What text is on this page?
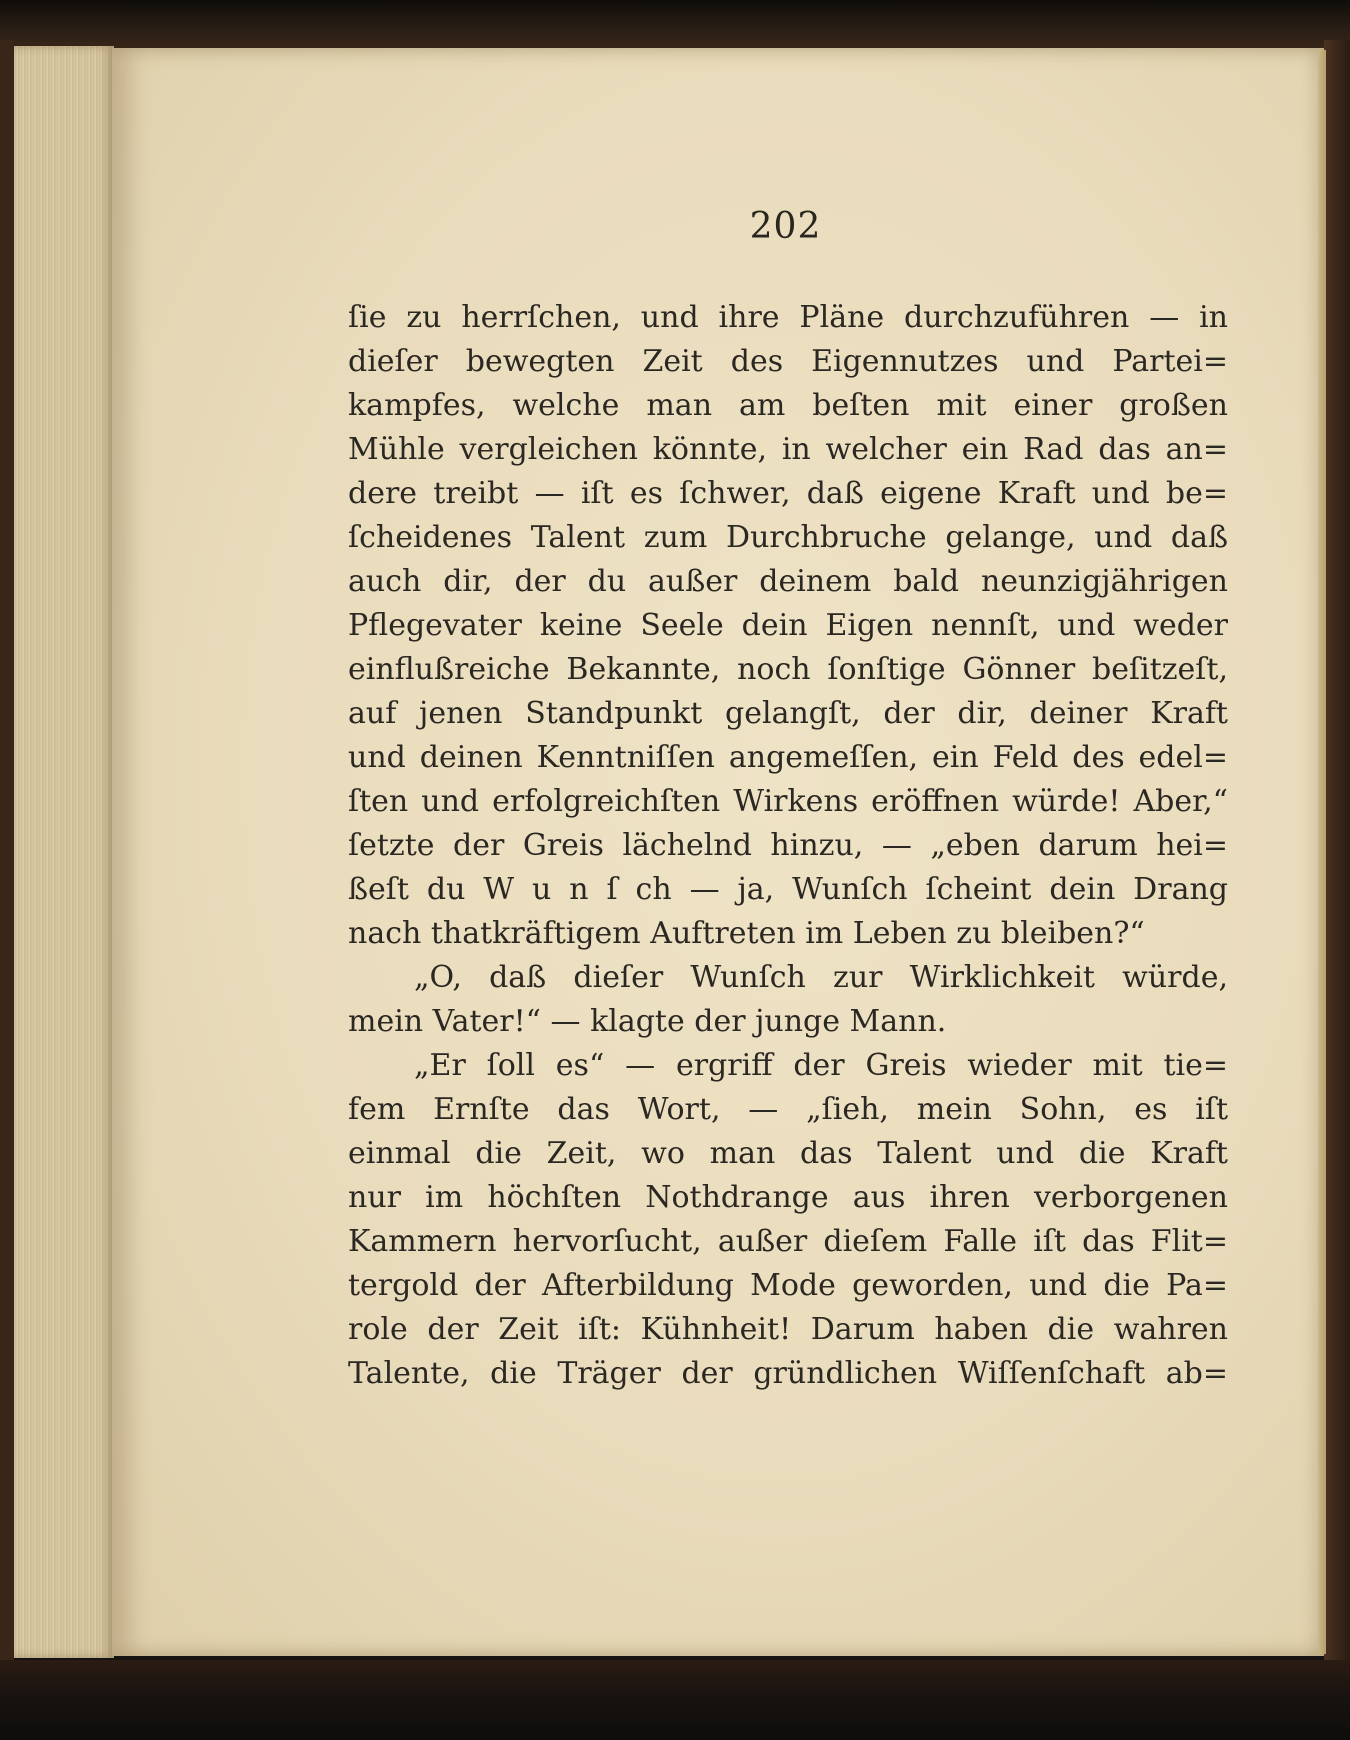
202
ſie zu herrſchen, und ihre Pläne durchzuführen — in
dieſer bewegten Zeit des Eigennutzes und Partei=
kampfes, welche man am beſten mit einer großen
Mühle vergleichen könnte, in welcher ein Rad das an=
dere treibt — iſt es ſchwer, daß eigene Kraft und be=
ſcheidenes Talent zum Durchbruche gelange, und daß
auch dir, der du außer deinem bald neunzigjährigen
Pflegevater keine Seele dein Eigen nennſt, und weder
einflußreiche Bekannte, noch ſonſtige Gönner beſitzeſt,
auf jenen Standpunkt gelangſt, der dir, deiner Kraft
und deinen Kenntniſſen angemeſſen, ein Feld des edel=
ſten und erfolgreichſten Wirkens eröffnen würde! Aber,“
ſetzte der Greis lächelnd hinzu, — „eben darum hei=
ßeſt du W u n ſ ch — ja, Wunſch ſcheint dein Drang
nach thatkräftigem Auftreten im Leben zu bleiben?“
„O, daß dieſer Wunſch zur Wirklichkeit würde,
mein Vater!“ — klagte der junge Mann.
„Er ſoll es“ — ergriff der Greis wieder mit tie=
fem Ernſte das Wort, — „ſieh, mein Sohn, es iſt
einmal die Zeit, wo man das Talent und die Kraft
nur im höchſten Nothdrange aus ihren verborgenen
Kammern hervorſucht, außer dieſem Falle iſt das Flit=
tergold der Afterbildung Mode geworden, und die Pa=
role der Zeit iſt: Kühnheit! Darum haben die wahren
Talente, die Träger der gründlichen Wiſſenſchaft ab=
